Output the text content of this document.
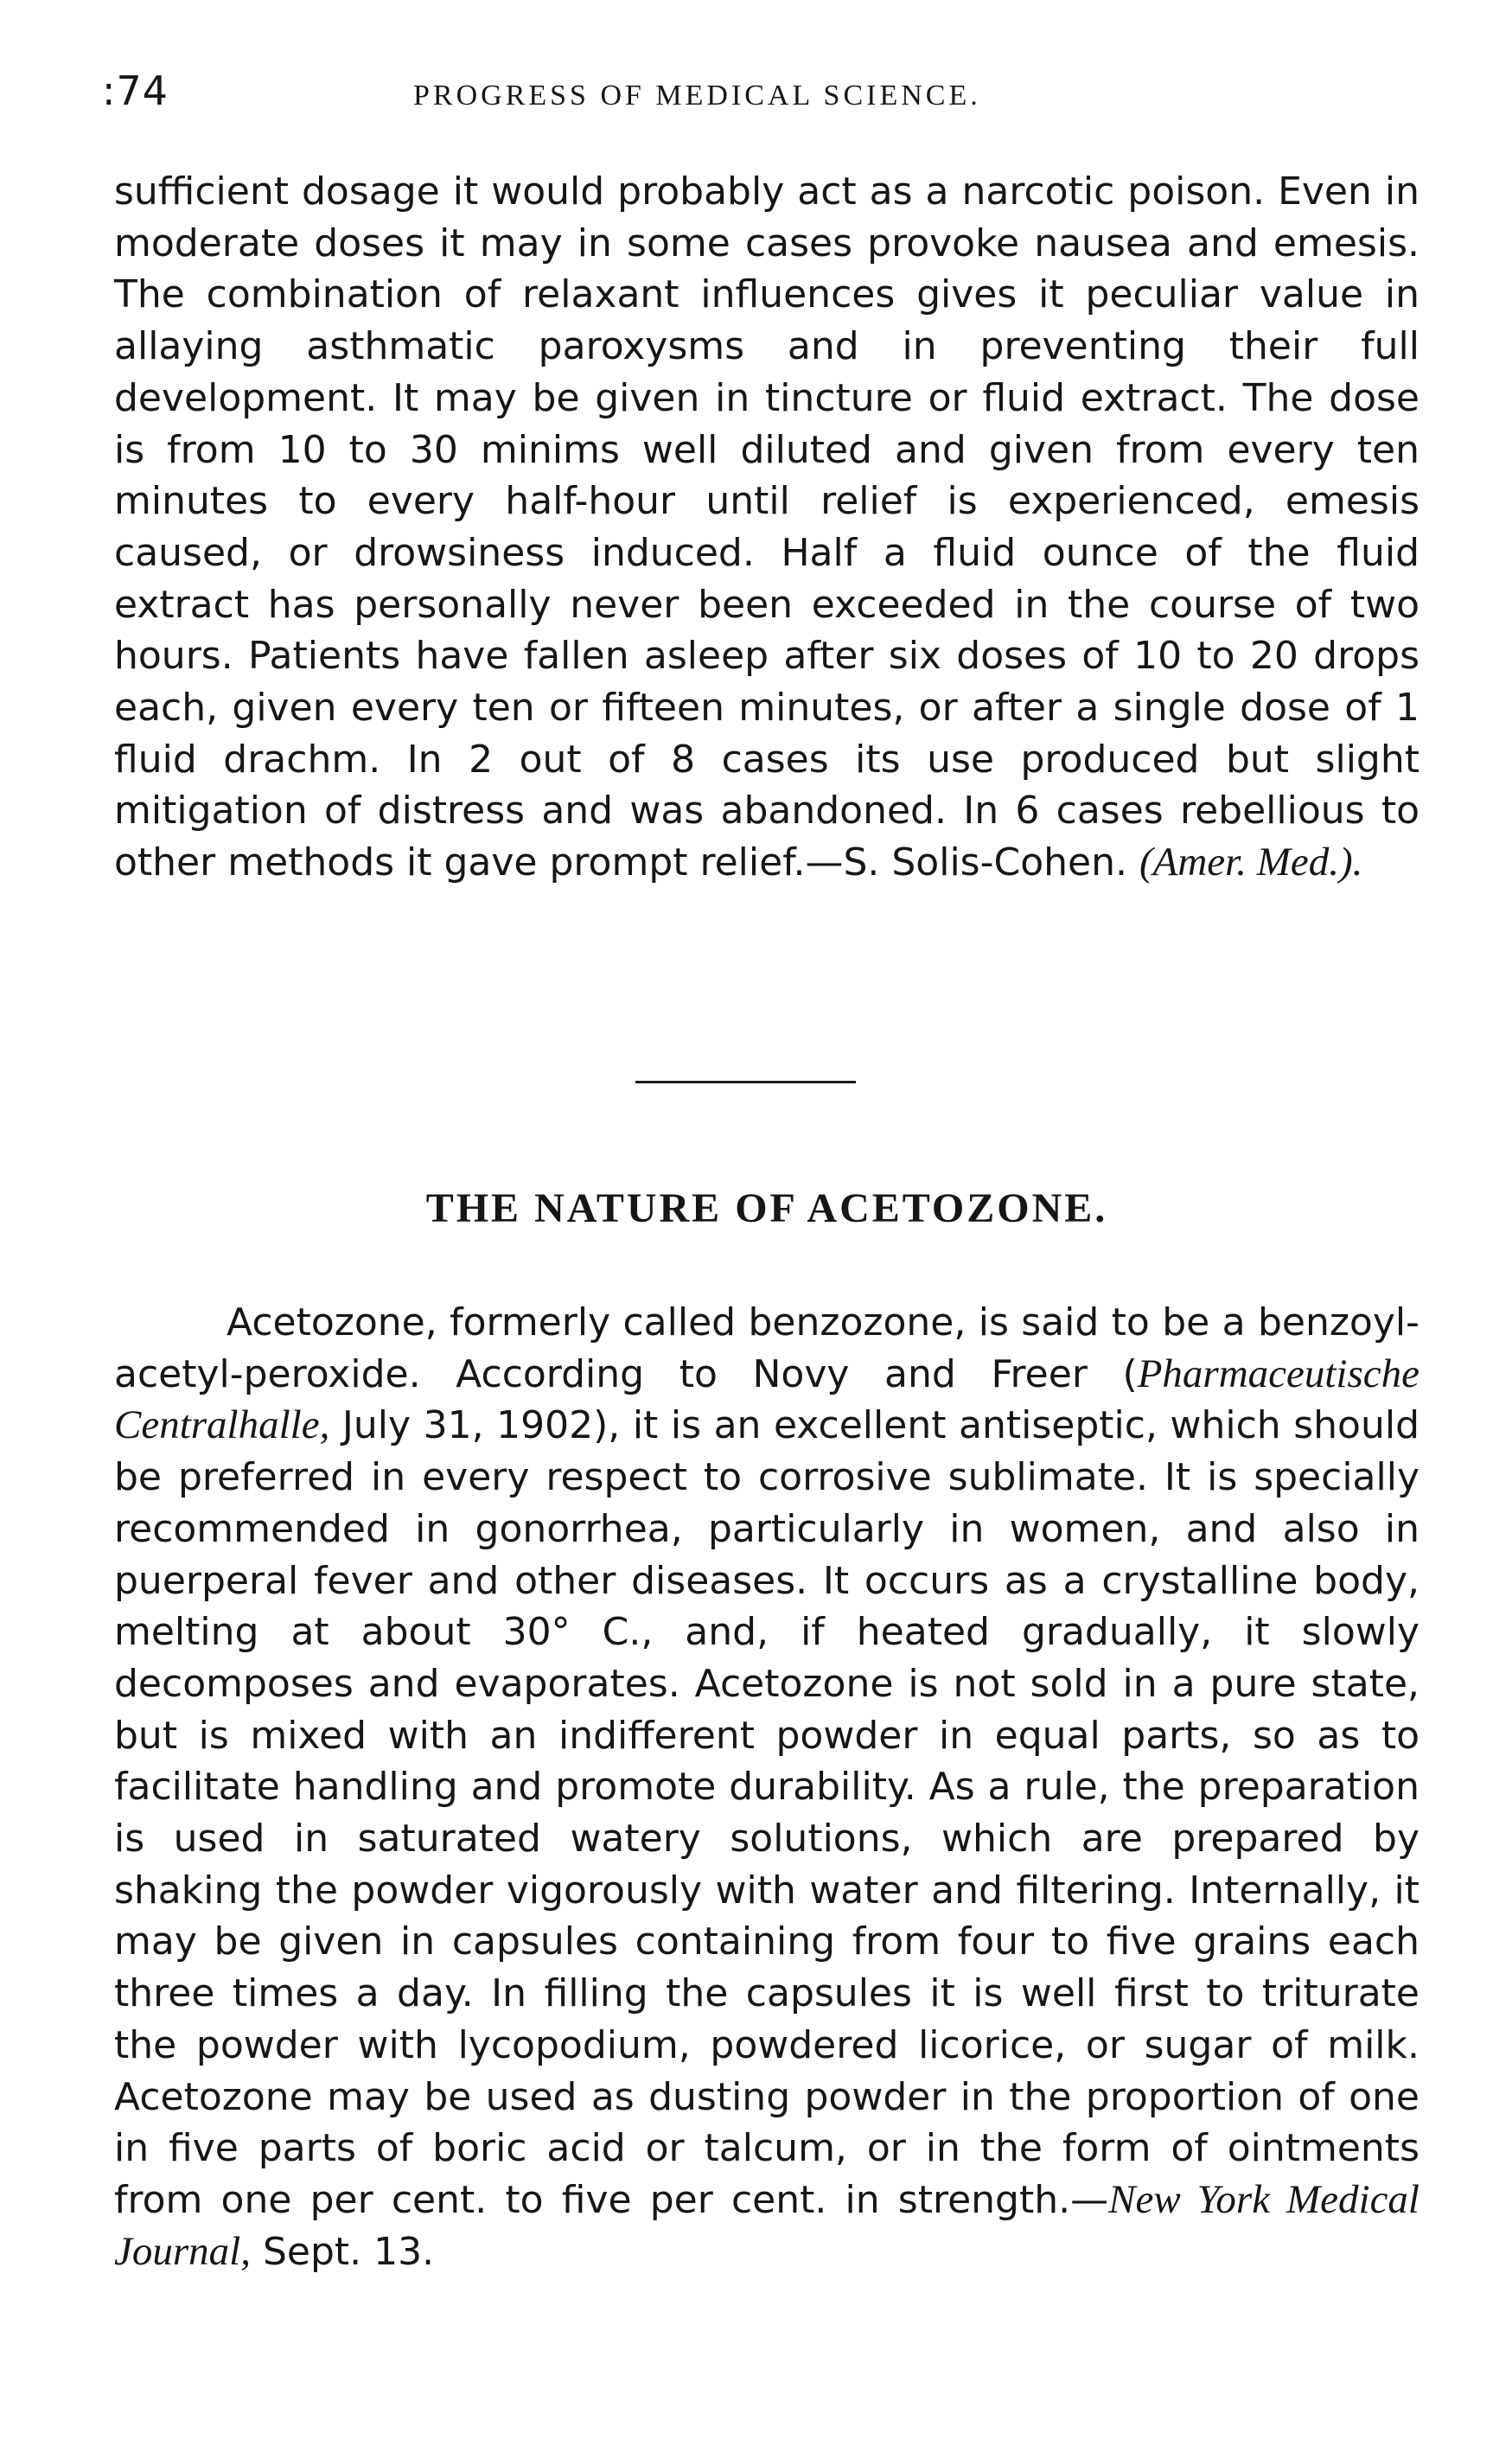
:74	PROGRESS OF MEDICAL SCIENCE.

sufficient dosage it would probably act as a narcotic poison. Even in moderate doses it may in some cases provoke nausea and emesis. The combination of relaxant influences gives it peculiar value in allaying asthmatic paroxysms and in preventing their full development. It may be given in tincture or fluid extract. The dose is from 10 to 30 minims well diluted and given from every ten minutes to every half-hour until relief is experienced, emesis caused, or drowsiness induced. Half a fluid ounce of the fluid extract has personally never been exceeded in the course of two hours. Patients have fallen asleep after six doses of 10 to 20 drops each, given every ten or fifteen minutes, or after a single dose of 1 fluid drachm. In 2 out of 8 cases its use produced but slight mitigation of distress and was abandoned. In 6 cases rebellious to other methods it gave prompt relief.—S. Solis-Cohen. (Amer. Med.).

THE NATURE OF ACETOZONE.

Acetozone, formerly called benzozone, is said to be a benzoyl-acetyl-peroxide. According to Novy and Freer (Pharmaceutische Centralhalle, July 31, 1902), it is an excellent antiseptic, which should be preferred in every respect to corrosive sublimate. It is specially recommended in gonorrhea, particularly in women, and also in puerperal fever and other diseases. It occurs as a crystalline body, melting at about 30° C., and, if heated gradually, it slowly decomposes and evaporates. Acetozone is not sold in a pure state, but is mixed with an indifferent powder in equal parts, so as to facilitate handling and promote durability. As a rule, the preparation is used in saturated watery solutions, which are prepared by shaking the powder vigorously with water and filtering. Internally, it may be given in capsules containing from four to five grains each three times a day. In filling the capsules it is well first to triturate the powder with lycopodium, powdered licorice, or sugar of milk. Acetozone may be used as dusting powder in the proportion of one in five parts of boric acid or talcum, or in the form of ointments from one per cent. to five per cent. in strength.—New York Medical Journal, Sept. 13.
